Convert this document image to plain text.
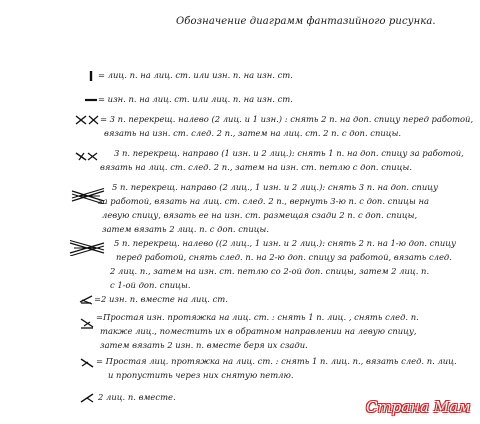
Обозначение диаграмм фантазийного рисунка.
= лиц. п. на лиц. ст. или изн. п. на изн. ст.
= изн. п. на лиц. ст. или лиц. п. на изн. ст.
= 3 п. перекрещ. налево (2 лиц. и 1 изн.) : снять 2 п. на доп. спицу перед работой,
вязать на изн. ст. след. 2 п., затем на лиц. ст. 2 п. с доп. спицы.
3 п. перекрещ. направо (1 изн. и 2 лиц.): снять 1 п. на доп. спицу за работой,
вязать на лиц. ст. след. 2 п., затем на изн. ст. петлю с доп. спицы.
5 п. перекрещ. направо (2 лиц., 1 изн. и 2 лиц.): снять 3 п. на доп. спицу
за работой, вязать на лиц. ст. след. 2 п., вернуть 3-ю п. с доп. спицы на
левую спицу, вязать ее на изн. ст. размещая сзади 2 п. с доп. спицы,
затем вязать 2 лиц. п. с доп. спицы.
5 п. перекрещ. налево ((2 лиц., 1 изн. и 2 лиц.): снять 2 п. на 1-ю доп. спицу
перед работой, снять след. п. на 2-ю доп. спицу за работой, вязать след.
2 лиц. п., затем на изн. ст. петлю со 2-ой доп. спицы, затем 2 лиц. п.
с 1-ой доп. спицы.
=2 изн. п. вместе на лиц. ст.
=Простая изн. протяжка на лиц. ст. : снять 1 п. лиц. , снять след. п.
также лиц., поместить их в обратном направлении на левую спицу,
затем вязать 2 изн. п. вместе беря их сзади.
= Простая лиц. протяжка на лиц. ст. : снять 1 п. лиц. п., вязать след. п. лиц.
и пропустить через них снятую петлю.
2 лиц. п. вместе.
Страна Мам
